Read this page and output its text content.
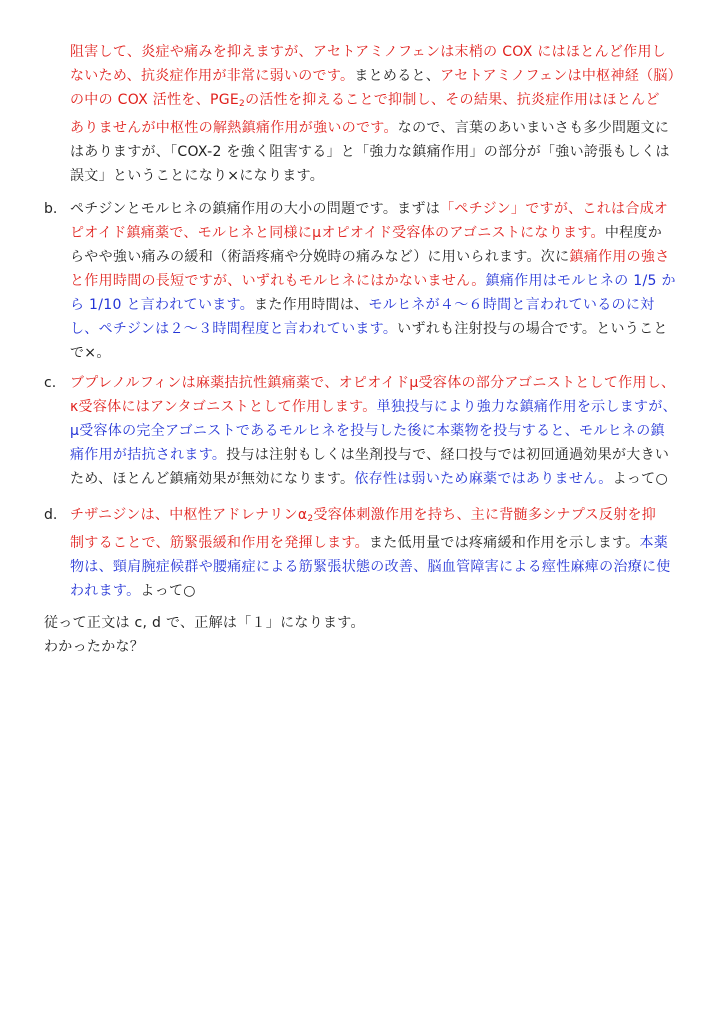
阻害して、炎症や痛みを抑えますが、アセトアミノフェンは末梢の COX にはほとんど作用し
ないため、抗炎症作用が非常に弱いのです。まとめると、アセトアミノフェンは中枢神経（脳）
の中の COX 活性を、$PGE_2$の活性を抑えることで抑制し、その結果、抗炎症作用はほとんど
ありませんが中枢性の解熱鎮痛作用が強いのです。なので、言葉のあいまいさも多少問題文に
はありますが、「COX-2 を強く阻害する」と「強力な鎮痛作用」の部分が「強い誇張もしくは
誤文」ということになり×になります。
b. ペチジンとモルヒネの鎮痛作用の大小の問題です。まずは「ペチジン」ですが、これは合成オ
ピオイド鎮痛薬で、モルヒネと同様にμオピオイド受容体のアゴニストになります。中程度か
らやや強い痛みの緩和（術語疼痛や分娩時の痛みなど）に用いられます。次に鎮痛作用の強さ
と作用時間の長短ですが、いずれもモルヒネにはかないません。鎮痛作用はモルヒネの 1/5 か
ら 1/10 と言われています。また作用時間は、モルヒネが４～６時間と言われているのに対
し、ペチジンは２～３時間程度と言われています。いずれも注射投与の場合です。ということ
で×。
c. ブプレノルフィンは麻薬拮抗性鎮痛薬で、オピオイドμ受容体の部分アゴニストとして作用し、
κ受容体にはアンタゴニストとして作用します。単独投与により強力な鎮痛作用を示しますが、
μ受容体の完全アゴニストであるモルヒネを投与した後に本薬物を投与すると、モルヒネの鎮
痛作用が拮抗されます。投与は注射もしくは坐剤投与で、経口投与では初回通過効果が大きい
ため、ほとんど鎮痛効果が無効になります。依存性は弱いため麻薬ではありません。よって○
d. チザニジンは、中枢性アドレナリン$\alpha_2$受容体刺激作用を持ち、主に背髄多シナプス反射を抑
制することで、筋緊張緩和作用を発揮します。また低用量では疼痛緩和作用を示します。本薬
物は、頸肩腕症候群や腰痛症による筋緊張状態の改善、脳血管障害による痙性麻痺の治療に使
われます。よって○
従って正文は c, d で、正解は「１」になります。
わかったかな？
